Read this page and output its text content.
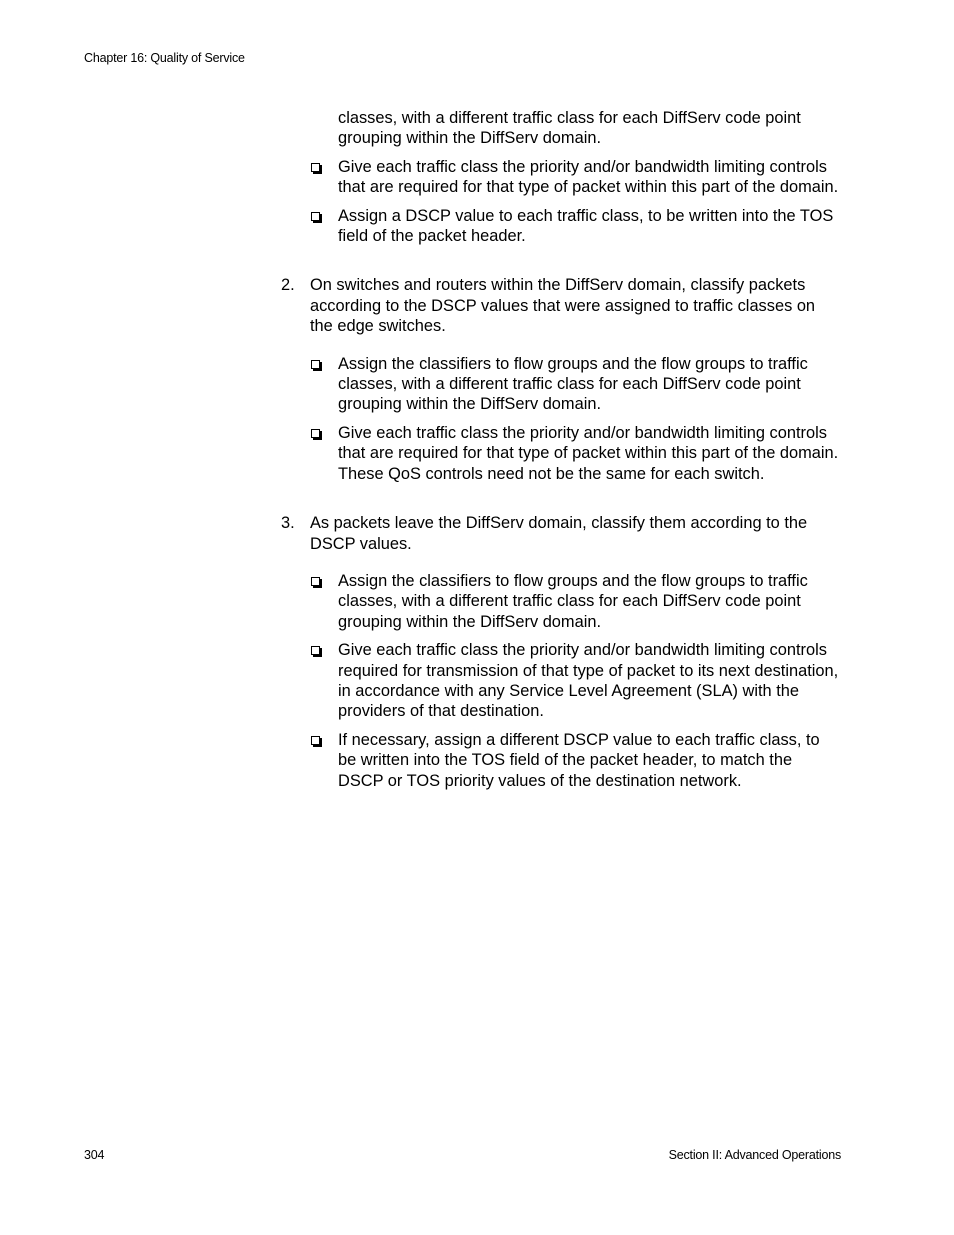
Chapter 16: Quality of Service
classes, with a different traffic class for each DiffServ code point grouping within the DiffServ domain.
Give each traffic class the priority and/or bandwidth limiting controls that are required for that type of packet within this part of the domain.
Assign a DSCP value to each traffic class, to be written into the TOS field of the packet header.
2. On switches and routers within the DiffServ domain, classify packets according to the DSCP values that were assigned to traffic classes on the edge switches.
Assign the classifiers to flow groups and the flow groups to traffic classes, with a different traffic class for each DiffServ code point grouping within the DiffServ domain.
Give each traffic class the priority and/or bandwidth limiting controls that are required for that type of packet within this part of the domain. These QoS controls need not be the same for each switch.
3. As packets leave the DiffServ domain, classify them according to the DSCP values.
Assign the classifiers to flow groups and the flow groups to traffic classes, with a different traffic class for each DiffServ code point grouping within the DiffServ domain.
Give each traffic class the priority and/or bandwidth limiting controls required for transmission of that type of packet to its next destination, in accordance with any Service Level Agreement (SLA) with the providers of that destination.
If necessary, assign a different DSCP value to each traffic class, to be written into the TOS field of the packet header, to match the DSCP or TOS priority values of the destination network.
304	Section II: Advanced Operations
